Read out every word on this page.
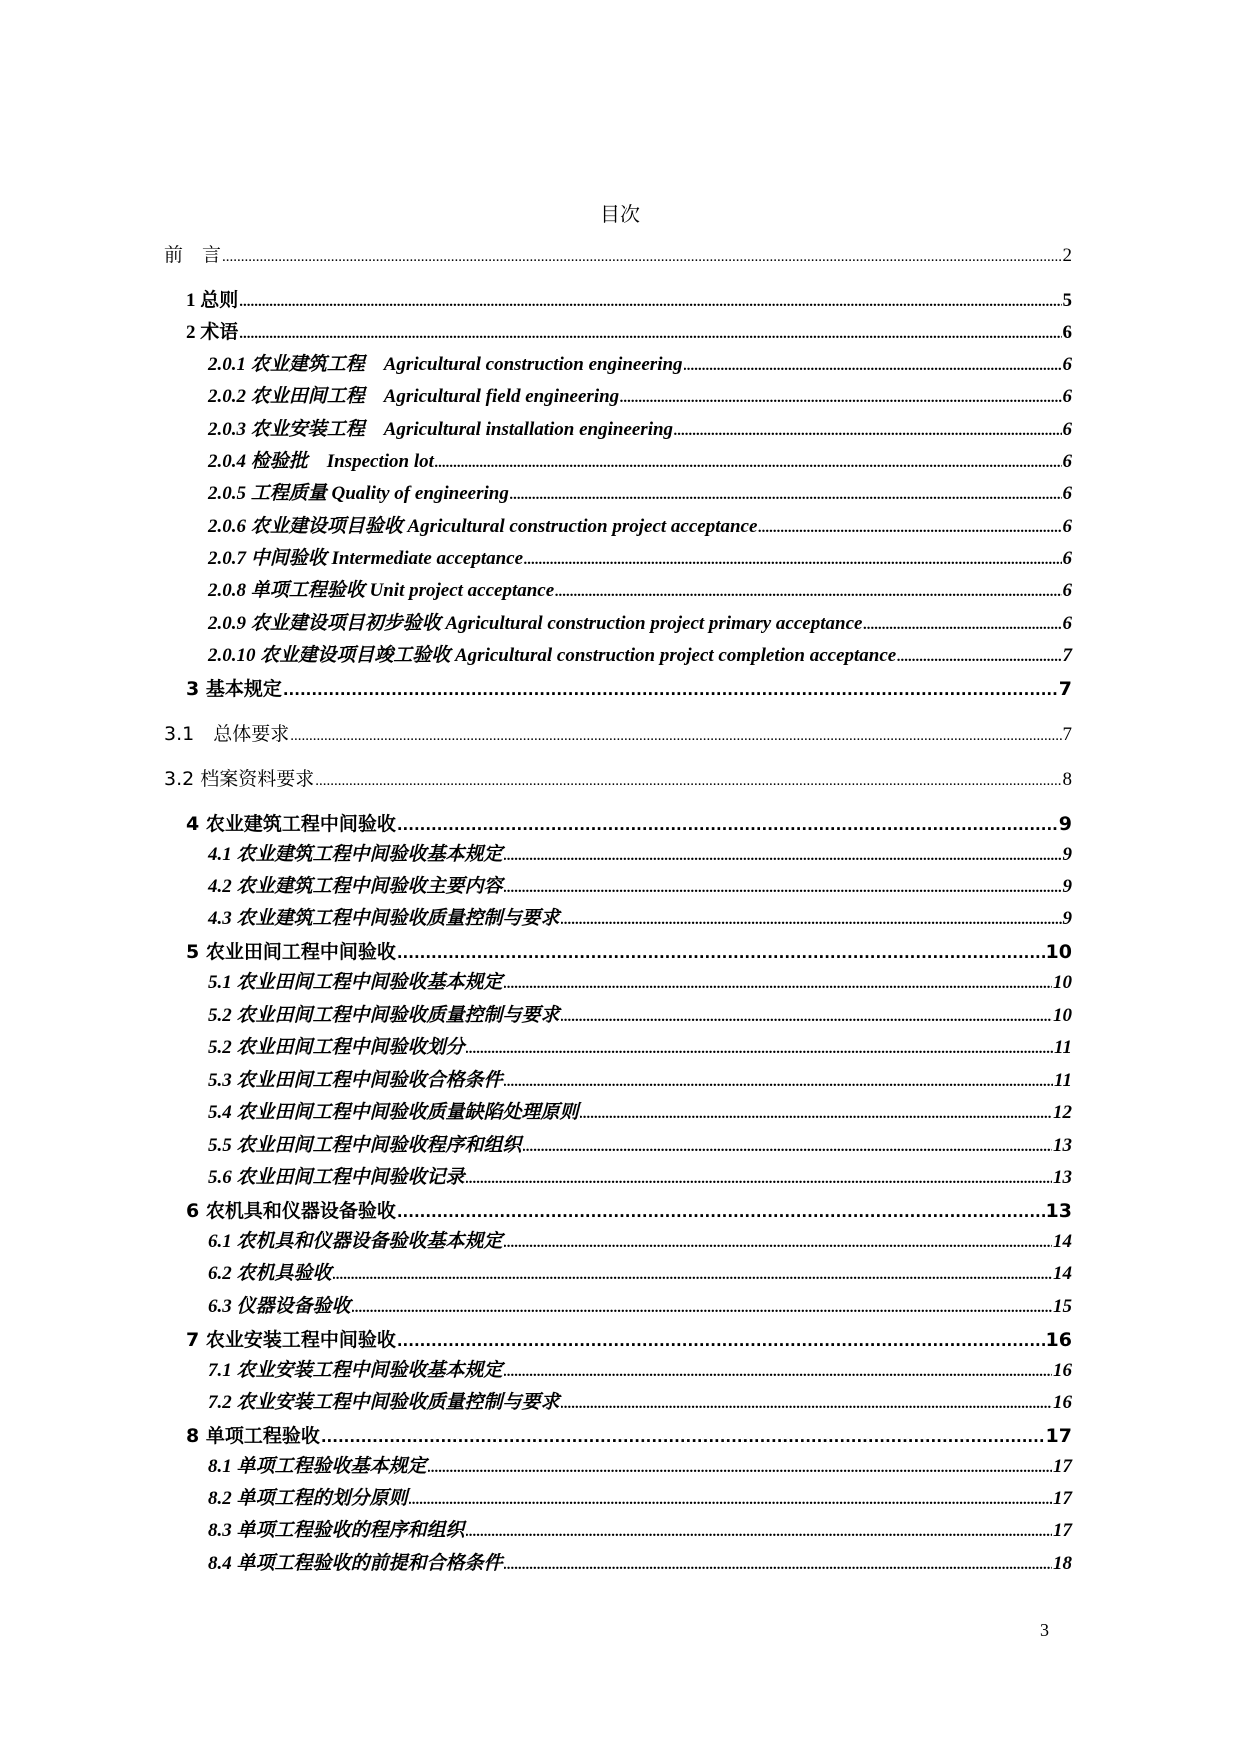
目次
前　言 .....	2
1 总则 .....	5
2 术语 .....	6
2.0.1 农业建筑工程　Agricultural construction engineering .....	6
2.0.2 农业田间工程　Agricultural field engineering .....	6
2.0.3 农业安装工程　Agricultural installation engineering .....	6
2.0.4 检验批　Inspection lot .....	6
2.0.5 工程质量 Quality of engineering .....	6
2.0.6 农业建设项目验收 Agricultural construction project acceptance .....	6
2.0.7 中间验收 Intermediate acceptance .....	6
2.0.8 单项工程验收 Unit project acceptance .....	6
2.0.9 农业建设项目初步验收 Agricultural construction project primary acceptance .....	6
2.0.10 农业建设项目竣工验收 Agricultural construction project completion acceptance .....	7
3 基本规定 .....	7
3.1　总体要求 .....	7
3.2 档案资料要求 .....	8
4 农业建筑工程中间验收 .....	9
4.1 农业建筑工程中间验收基本规定 .....	9
4.2 农业建筑工程中间验收主要内容 .....	9
4.3 农业建筑工程中间验收质量控制与要求 .....	9
5 农业田间工程中间验收 .....	10
5.1 农业田间工程中间验收基本规定 .....	10
5.2 农业田间工程中间验收质量控制与要求 .....	10
5.2 农业田间工程中间验收划分 .....	11
5.3 农业田间工程中间验收合格条件 .....	11
5.4 农业田间工程中间验收质量缺陷处理原则 .....	12
5.5 农业田间工程中间验收程序和组织 .....	13
5.6 农业田间工程中间验收记录 .....	13
6 农机具和仪器设备验收 .....	13
6.1 农机具和仪器设备验收基本规定 .....	14
6.2 农机具验收 .....	14
6.3 仪器设备验收 .....	15
7 农业安装工程中间验收 .....	16
7.1 农业安装工程中间验收基本规定 .....	16
7.2 农业安装工程中间验收质量控制与要求 .....	16
8 单项工程验收 .....	17
8.1 单项工程验收基本规定 .....	17
8.2 单项工程的划分原则 .....	17
8.3 单项工程验收的程序和组织 .....	17
8.4 单项工程验收的前提和合格条件 .....	18
3
